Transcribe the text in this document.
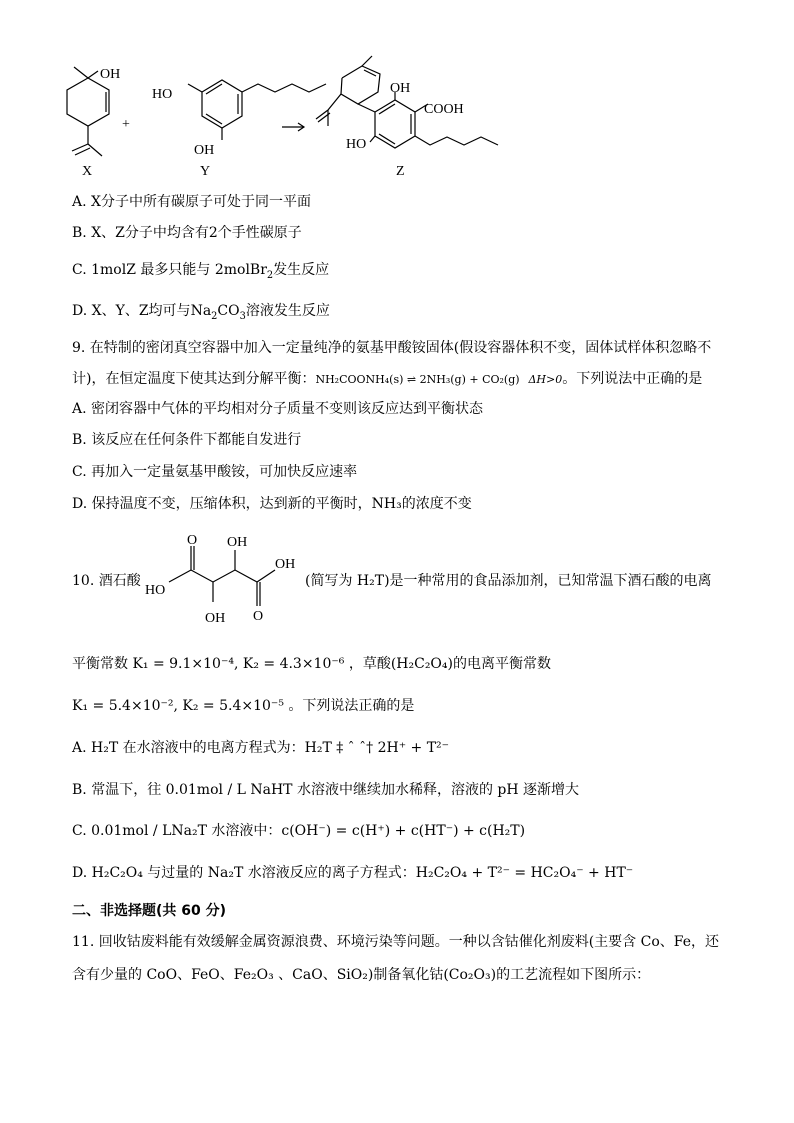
OH
X
+
HO
OH
Y
OH
COOH
HO
Z
A. X分子中所有碳原子可处于同一平面
B. X、Z分子中均含有2个手性碳原子
C. 1molZ 最多只能与 2molBr$_2$发生反应
D. X、Y、Z均可与$Na_2CO_3$溶液发生反应
9. 在特制的密闭真空容器中加入一定量纯净的氨基甲酸铵固体(假设容器体积不变，固体试样体积忽略不
计)，在恒定温度下使其达到分解平衡：NH₂COONH₄(s) ⇌ 2NH₃(g) + CO₂(g) ΔH>0。下列说法中正确的是
A. 密闭容器中气体的平均相对分子质量不变则该反应达到平衡状态
B. 该反应在任何条件下都能自发进行
C. 再加入一定量氨基甲酸铵，可加快反应速率
D. 保持温度不变，压缩体积，达到新的平衡时，NH₃的浓度不变
10. 酒石酸
O OH
OH
HO
O
OH
(简写为 H₂T)是一种常用的食品添加剂，已知常温下酒石酸的电离
平衡常数 K₁ = 9.1×10⁻⁴, K₂ = 4.3×10⁻⁶ ，草酸(H₂C₂O₄)的电离平衡常数
K₁ = 5.4×10⁻², K₂ = 5.4×10⁻⁵ 。下列说法正确的是
A. H₂T 在水溶液中的电离方程式为：H₂T ‡ ˆ ˆ† 2H⁺ + T²⁻
B. 常温下，往 0.01mol / L NaHT 水溶液中继续加水稀释，溶液的 pH 逐渐增大
C. 0.01mol / LNa₂T 水溶液中：c(OH⁻) = c(H⁺) + c(HT⁻) + c(H₂T)
D. H₂C₂O₄ 与过量的 Na₂T 水溶液反应的离子方程式：H₂C₂O₄ + T²⁻ = HC₂O₄⁻ + HT⁻
二、非选择题(共 60 分)
11. 回收钴废料能有效缓解金属资源浪费、环境污染等问题。一种以含钴催化剂废料(主要含 Co、Fe，还
含有少量的 CoO、FeO、Fe₂O₃ 、CaO、SiO₂)制备氧化钴(Co₂O₃)的工艺流程如下图所示：
